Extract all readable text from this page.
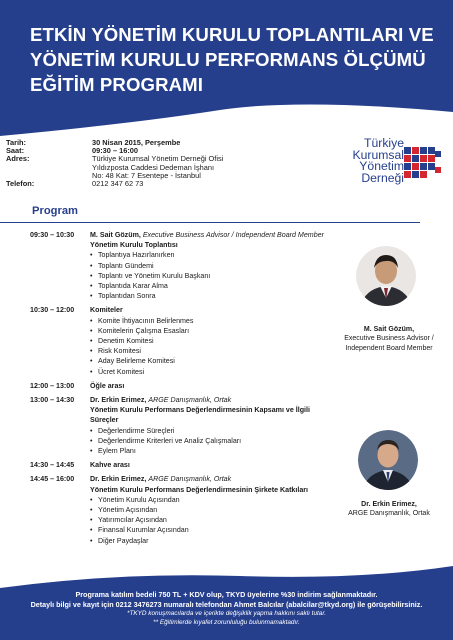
ETKİN YÖNETİM KURULU TOPLANTILARI VE
YÖNETİM KURULU PERFORMANS ÖLÇÜMÜ
EĞİTİM PROGRAMI
Tarih:	30 Nisan 2015, Perşembe
Saat:	09:30 – 16:00
Adres:	Türkiye Kurumsal Yönetim Derneği Ofisi
Yıldızposta Caddesi Dedeman İşhanı
No: 48 Kat: 7 Esentepe - İstanbul
Telefon:	0212 347 62 73
Türkiye
Kurumsal
Yönetim
Derneği
Program
09:30 – 10:30	M. Sait Gözüm, Executive Business Advisor / Independent Board Member
Yönetim Kurulu Toplantısı
• Toplantıya Hazırlanırken
• Toplantı Gündemi
• Toplantı ve Yönetim Kurulu Başkanı
• Toplantıda Karar Alma
• Toplantıdan Sonra
10:30 – 12:00	Komiteler
• Komite İhtiyacının Belirlenmes
• Komitelerin Çalışma Esasları
• Denetim Komitesi
• Risk Komitesi
• Aday Belirleme Komitesi
• Ücret Komitesi
12:00 – 13:00	Öğle arası
13:00 – 14:30	Dr. Erkin Erimez, ARGE Danışmanlık, Ortak
Yönetim Kurulu Performans Değerlendirmesinin Kapsamı ve İlgili Süreçler
• Değerlendirme Süreçleri
• Değerlendirme Kriterleri ve Analiz Çalışmaları
• Eylem Planı
14:30 – 14:45	Kahve arası
14:45 – 16:00	Dr. Erkin Erimez, ARGE Danışmanlık, Ortak
Yönetim Kurulu Performans Değerlendirmesinin Şirkete Katkıları
• Yönetim Kurulu Açısından
• Yönetim Açısından
• Yatırımcılar Açısından
• Finansal Kurumlar Açısından
• Diğer Paydaşlar
M. Sait Gözüm,
Executive Business Advisor /
Independent Board Member
Dr. Erkin Erimez,
ARGE Danışmanlık, Ortak
Programa katılım bedeli 750 TL + KDV olup, TKYD üyelerine %30 indirim sağlanmaktadır.
Detaylı bilgi ve kayıt için 0212 3476273 numaralı telefondan Ahmet Balcılar (abalcilar@tkyd.org) ile görüşebilirsiniz.
*TKYD konuşmacılarda ve içerikte değişiklik yapma hakkını saklı tutar.
** Eğitimlerde kıyafet zorunluluğu bulunmamaktadır.
